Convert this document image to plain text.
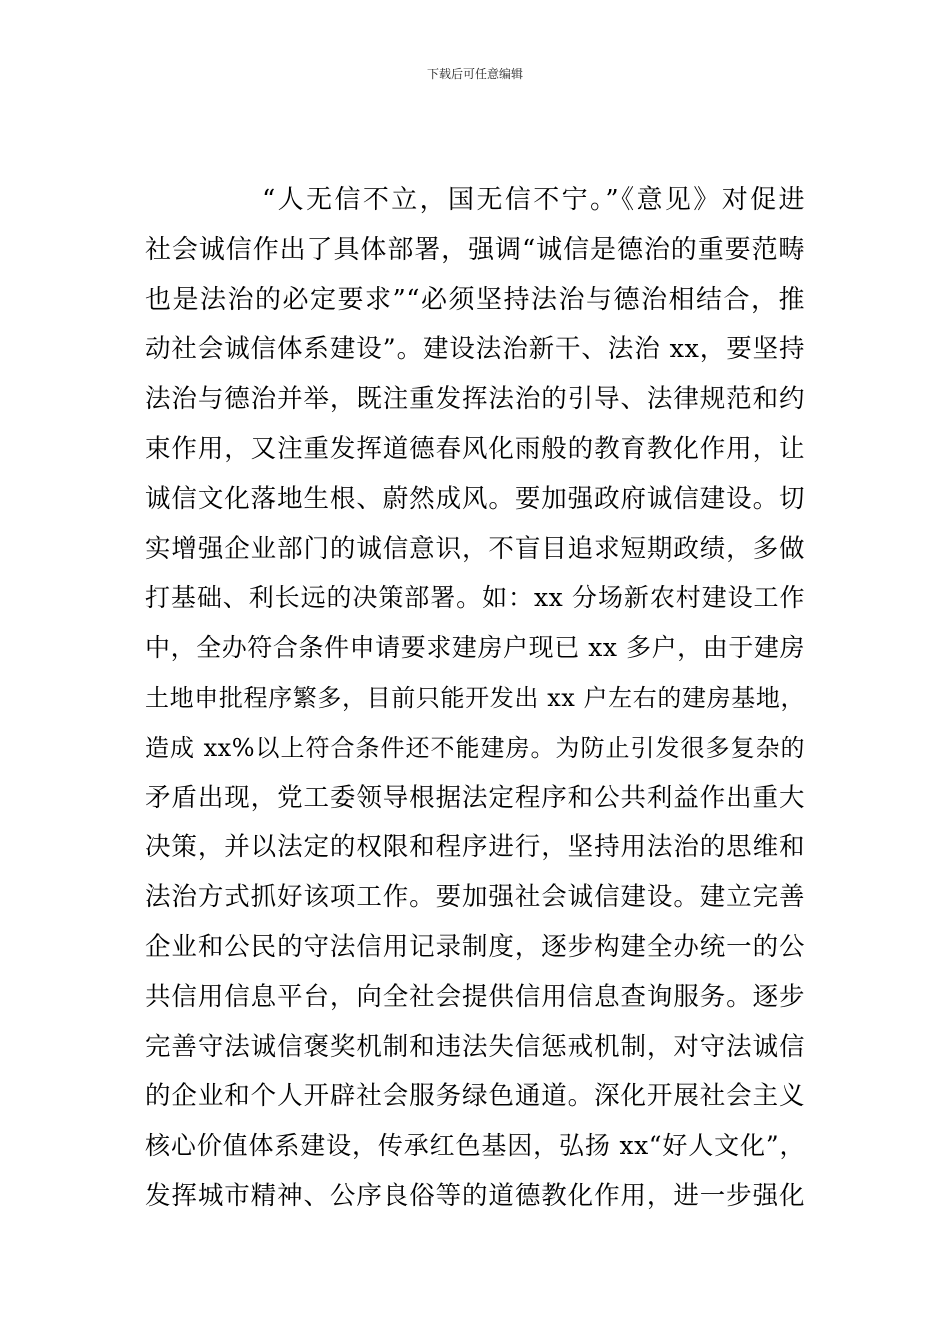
下载后可任意编辑
“人无信不立，国无信不宁。”《意见》对促进
社会诚信作出了具体部署，强调“诚信是德治的重要范畴
也是法治的必定要求”“必须坚持法治与德治相结合，推
动社会诚信体系建设”。建设法治新干、法治 xx，要坚持
法治与德治并举，既注重发挥法治的引导、法律规范和约
束作用，又注重发挥道德春风化雨般的教育教化作用，让
诚信文化落地生根、蔚然成风。要加强政府诚信建设。切
实增强企业部门的诚信意识，不盲目追求短期政绩，多做
打基础、利长远的决策部署。如：xx 分场新农村建设工作
中，全办符合条件申请要求建房户现已 xx 多户，由于建房
土地申批程序繁多，目前只能开发出 xx 户左右的建房基地，
造成 xx%以上符合条件还不能建房。为防止引发很多复杂的
矛盾出现，党工委领导根据法定程序和公共利益作出重大
决策，并以法定的权限和程序进行，坚持用法治的思维和
法治方式抓好该项工作。要加强社会诚信建设。建立完善
企业和公民的守法信用记录制度，逐步构建全办统一的公
共信用信息平台，向全社会提供信用信息查询服务。逐步
完善守法诚信褒奖机制和违法失信惩戒机制，对守法诚信
的企业和个人开辟社会服务绿色通道。深化开展社会主义
核心价值体系建设，传承红色基因，弘扬 xx“好人文化”，
发挥城市精神、公序良俗等的道德教化作用，进一步强化
